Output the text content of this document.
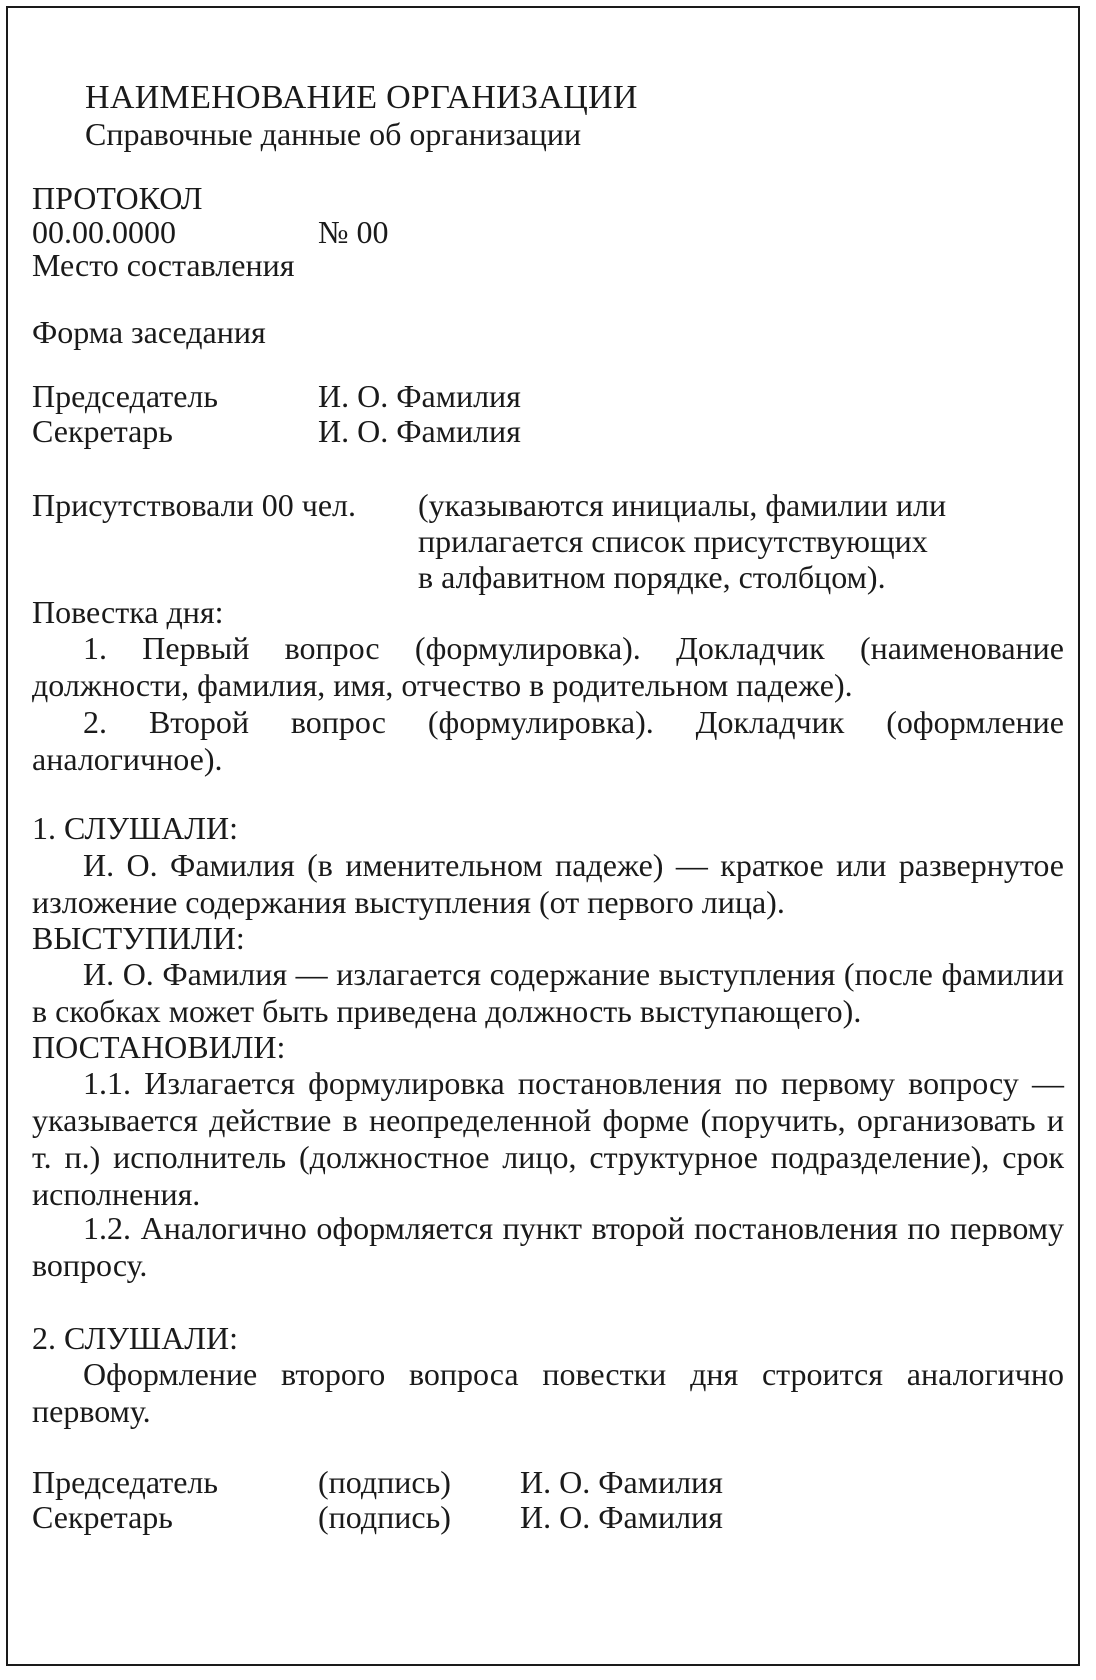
НАИМЕНОВАНИЕ ОРГАНИЗАЦИИ
Справочные данные об организации
ПРОТОКОЛ
00.00.0000	№ 00
Место составления
Форма заседания
Председатель	И. О. Фамилия
Секретарь	И. О. Фамилия
Присутствовали 00 чел. (указываются инициалы, фамилии или
прилагается список присутствующих
в алфавитном порядке, столбцом).
Повестка дня:
1. Первый вопрос (формулировка). Докладчик (наименование должности, фамилия, имя, отчество в родительном падеже).
2. Второй вопрос (формулировка). Докладчик (оформление аналогичное).
1. СЛУШАЛИ:
И. О. Фамилия (в именительном падеже) — краткое или развернутое изложение содержания выступления (от первого лица).
ВЫСТУПИЛИ:
И. О. Фамилия — излагается содержание выступления (после фамилии в скобках может быть приведена должность выступающего).
ПОСТАНОВИЛИ:
1.1. Излагается формулировка постановления по первому вопросу — указывается действие в неопределенной форме (поручить, организовать и т. п.) исполнитель (должностное лицо, структурное подразделение), срок исполнения.
1.2. Аналогично оформляется пункт второй постановления по первому вопросу.
2. СЛУШАЛИ:
Оформление второго вопроса повестки дня строится аналогично первому.
Председатель	(подпись) И. О. Фамилия
Секретарь	(подпись) И. О. Фамилия
